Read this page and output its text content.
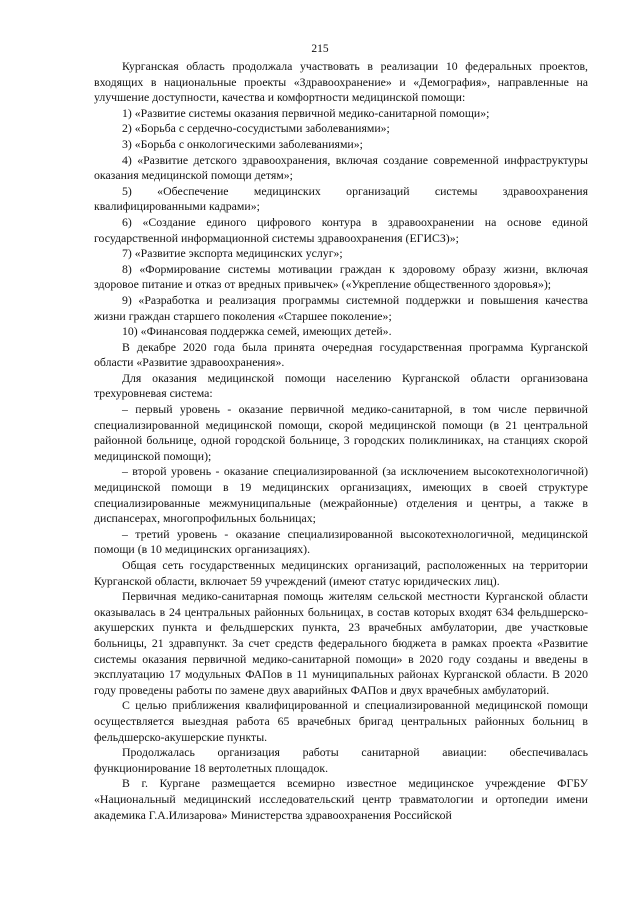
215

Курганская область продолжала участвовать в реализации 10 федеральных проектов, входящих в национальные проекты «Здравоохранение» и «Демография», направленные на улучшение доступности, качества и комфортности медицинской помощи:

1) «Развитие системы оказания первичной медико-санитарной помощи»;

2) «Борьба с сердечно-сосудистыми заболеваниями»;

3) «Борьба с онкологическими заболеваниями»;

4) «Развитие детского здравоохранения, включая создание современной инфраструктуры оказания медицинской помощи детям»;

5) «Обеспечение медицинских организаций системы здравоохранения квалифицированными кадрами»;

6) «Создание единого цифрового контура в здравоохранении на основе единой государственной информационной системы здравоохранения (ЕГИСЗ)»;

7) «Развитие экспорта медицинских услуг»;

8) «Формирование системы мотивации граждан к здоровому образу жизни, включая здоровое питание и отказ от вредных привычек» («Укрепление общественного здоровья»);

9) «Разработка и реализация программы системной поддержки и повышения качества жизни граждан старшего поколения «Старшее поколение»;

10) «Финансовая поддержка семей, имеющих детей».

В декабре 2020 года была принята очередная государственная программа Курганской области «Развитие здравоохранения».

Для оказания медицинской помощи населению Курганской области организована трехуровневая система:

– первый уровень - оказание первичной медико-санитарной, в том числе первичной специализированной медицинской помощи, скорой медицинской помощи (в 21 центральной районной больнице, одной городской больнице, 3 городских поликлиниках, на станциях скорой медицинской помощи);

– второй уровень - оказание специализированной (за исключением высокотехнологичной) медицинской помощи в 19 медицинских организациях, имеющих в своей структуре специализированные межмуниципальные (межрайонные) отделения и центры, а также в диспансерах, многопрофильных больницах;

– третий уровень - оказание специализированной высокотехнологичной, медицинской помощи (в 10 медицинских организациях).

Общая сеть государственных медицинских организаций, расположенных на территории Курганской области, включает 59 учреждений (имеют статус юридических лиц).

Первичная медико-санитарная помощь жителям сельской местности Курганской области оказывалась в 24 центральных районных больницах, в состав которых входят 634 фельдшерско-акушерских пункта и фельдшерских пункта, 23 врачебных амбулатории, две участковые больницы, 21 здравпункт. За счет средств федерального бюджета в рамках проекта «Развитие системы оказания первичной медико-санитарной помощи» в 2020 году созданы и введены в эксплуатацию 17 модульных ФАПов в 11 муниципальных районах Курганской области. В 2020 году проведены работы по замене двух аварийных ФАПов и двух врачебных амбулаторий.

С целью приближения квалифицированной и специализированной медицинской помощи осуществляется выездная работа 65 врачебных бригад центральных районных больниц в фельдшерско-акушерские пункты.

Продолжалась организация работы санитарной авиации: обеспечивалась функционирование 18 вертолетных площадок.

В г. Кургане размещается всемирно известное медицинское учреждение ФГБУ «Национальный медицинский исследовательский центр травматологии и ортопедии имени академика Г.А.Илизарова» Министерства здравоохранения Российской
